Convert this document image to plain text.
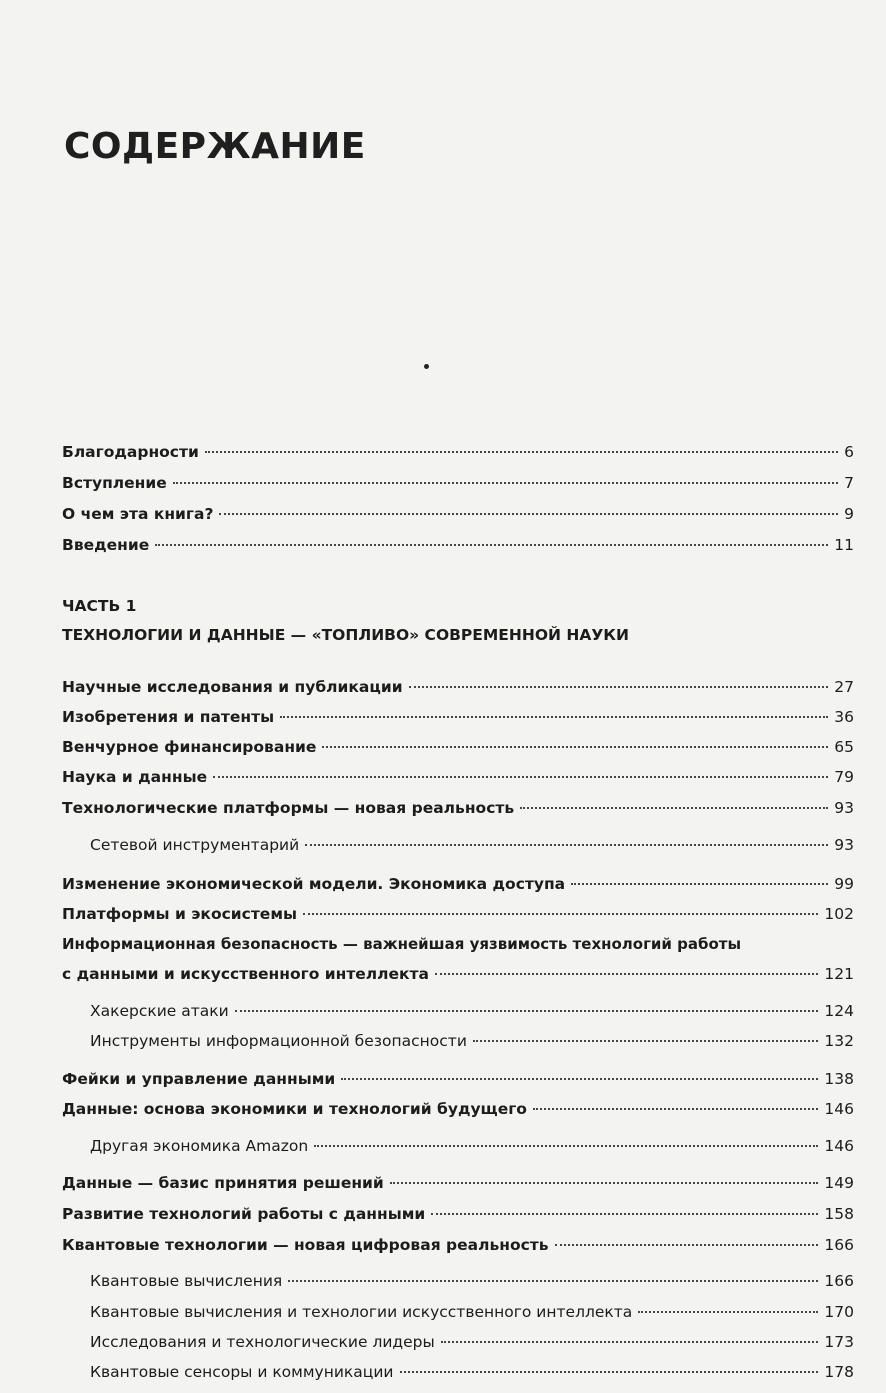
СОДЕРЖАНИЕ
Благодарности	6
Вступление	7
О чем эта книга?	9
Введение	11

ЧАСТЬ 1

ТЕХНОЛОГИИ И ДАННЫЕ — «ТОПЛИВО» СОВРЕМЕННОЙ НАУКИ

Научные исследования и публикации	27
Изобретения и патенты	36
Венчурное финансирование	65
Наука и данные	79
Технологические платформы — новая реальность	93
Сетевой инструментарий	93
Изменение экономической модели. Экономика доступа	99
Платформы и экосистемы	102
Информационная безопасность — важнейшая уязвимость технологий работы
с данными и искусственного интеллекта	121
Хакерские атаки	124
Инструменты информационной безопасности	132
Фейки и управление данными	138
Данные: основа экономики и технологий будущего	146
Другая экономика Amazon	146
Данные — базис принятия решений	149
Развитие технологий работы с данными	158
Квантовые технологии — новая цифровая реальность	166
Квантовые вычисления	166
Квантовые вычисления и технологии искусственного интеллекта	170
Исследования и технологические лидеры	173
Квантовые сенсоры и коммуникации	178
